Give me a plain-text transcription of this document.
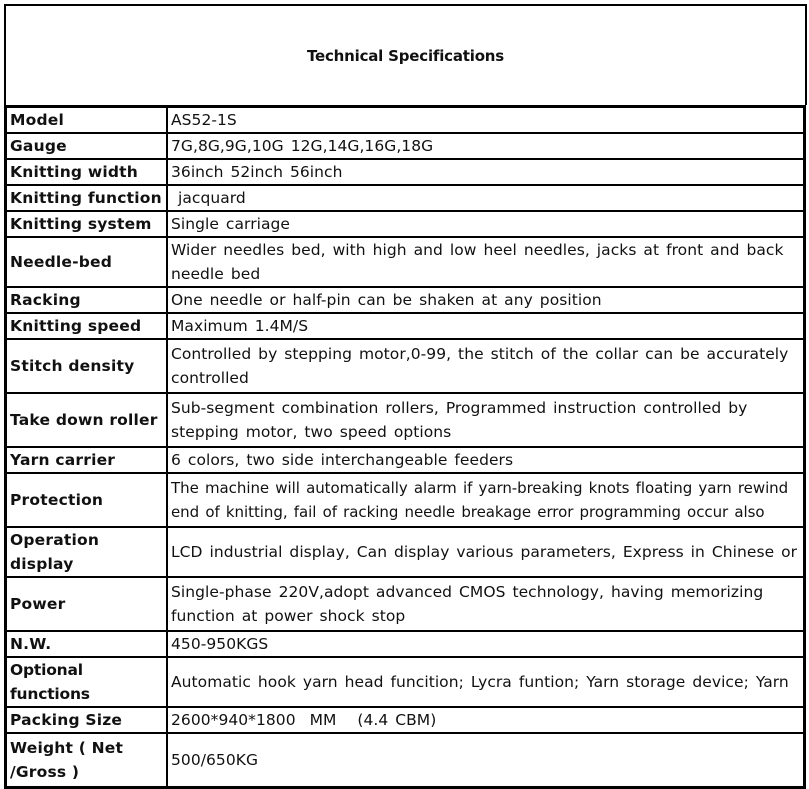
Technical Specifications
Model	AS52-1S
Gauge	7G,8G,9G,10G 12G,14G,16G,18G
Knitting width	36inch 52inch 56inch
Knitting function	jacquard
Knitting system	Single carriage
Needle-bed	Wider needles bed, with high and low heel needles, jacks at front and back needle bed
Racking	One needle or half-pin can be shaken at any position
Knitting speed	Maximum 1.4M/S
Stitch density	Controlled by stepping motor,0-99, the stitch of the collar can be accurately controlled
Take down roller	Sub-segment combination rollers, Programmed instruction controlled by stepping motor, two speed options
Yarn carrier	6 colors, two side interchangeable feeders
Protection	The machine will automatically alarm if yarn-breaking knots floating yarn rewind end of knitting, fail of racking needle breakage error programming occur also
Operation display	LCD industrial display, Can display various parameters, Express in Chinese or
Power	Single-phase 220V,adopt advanced CMOS technology, having memorizing function at power shock stop
N.W.	450-950KGS
Optional functions	Automatic hook yarn head funcition; Lycra funtion; Yarn storage device; Yarn
Packing Size	2600*940*1800  MM   (4.4 CBM)
Weight ( Net /Gross )	500/650KG
